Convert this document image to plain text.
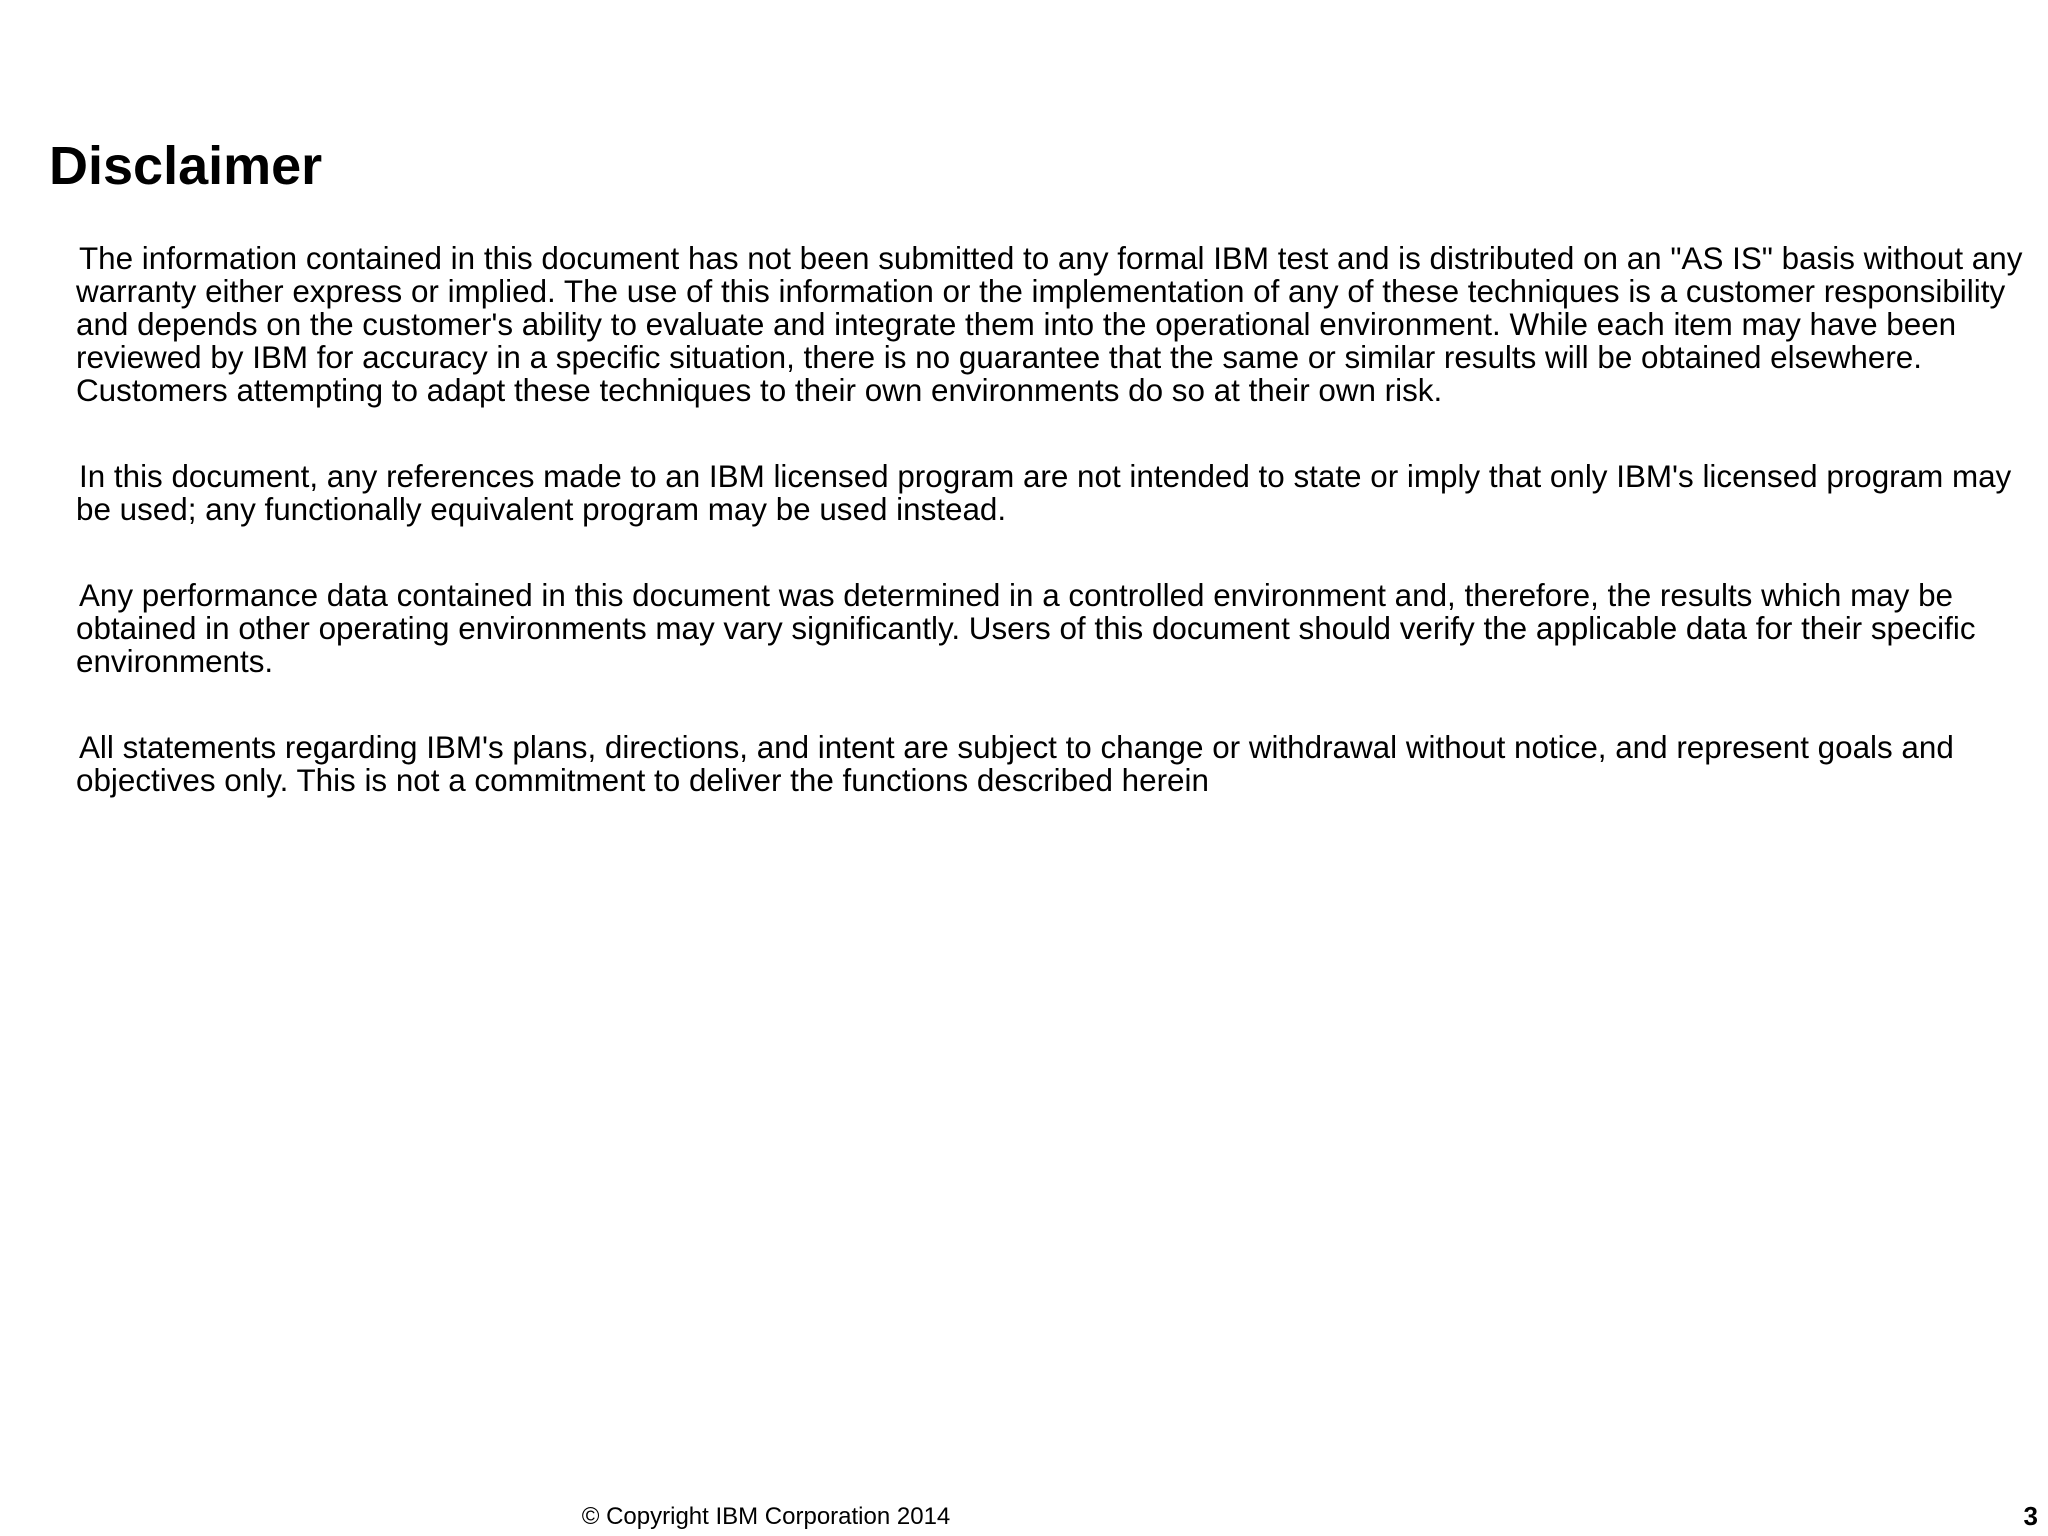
Disclaimer

The information contained in this document has not been submitted to any formal IBM test and is distributed on an "AS IS" basis without any warranty either express or implied. The use of this information or the implementation of any of these techniques is a customer responsibility and depends on the customer's ability to evaluate and integrate them into the operational environment. While each item may have been reviewed by IBM for accuracy in a specific situation, there is no guarantee that the same or similar results will be obtained elsewhere. Customers attempting to adapt these techniques to their own environments do so at their own risk.

In this document, any references made to an IBM licensed program are not intended to state or imply that only IBM's licensed program may be used; any functionally equivalent program may be used instead.

Any performance data contained in this document was determined in a controlled environment and, therefore, the results which may be obtained in other operating environments may vary significantly. Users of this document should verify the applicable data for their specific environments.

All statements regarding IBM's plans, directions, and intent are subject to change or withdrawal without notice, and represent goals and objectives only. This is not a commitment to deliver the functions described herein

© Copyright IBM Corporation 2014	3
